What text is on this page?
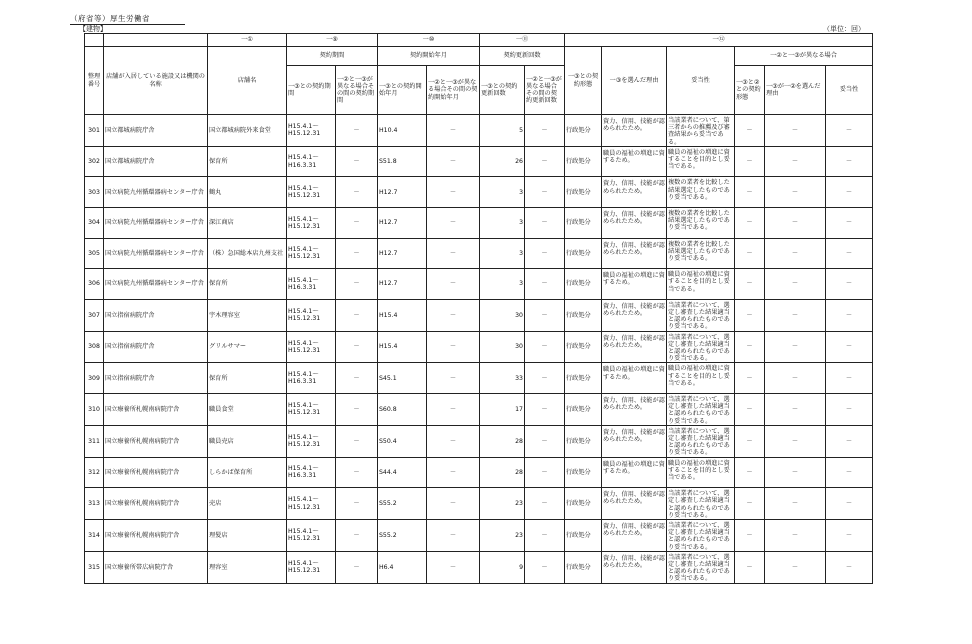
（府省等）厚生労働省
【建物】	（単位：回）
		一①	一⑨		一⑩		一⑪		一⑫					
整理番号	店舗が入居している施設又は機関の名称	店舗名	契約期間		契約開始年月		契約更新回数		一③との契約形態	一③を選んだ理由	妥当性	一②と一③が異なる場合		
			一③との契約期間	一②と一③が異なる場合その間の契約期間	一③との契約開始年月	一②と一③が異なる場合その間の契約開始年月	一③との契約更新回数	一②と一③が異なる場合その間の契約更新回数				一③と②との契約形態	一③が一②を選んだ理由	妥当性
301	国立都城病院庁舎	国立都城病院外来食堂	H15.4.1～ H15.12.31	－	H10.4	－	5	－	行政処分	資力、信用、技能が認められたため。	当該業者について、第三者からの推薦及び審査結果から妥当である。	－	－	－
302	国立都城病院庁舎	保育所	H15.4.1～ H16.3.31	－	S51.8	－	26	－	行政処分	職員の福祉の増進に資するため。	職員の福祉の増進に資することを目的とし妥当である。	－	－	－
303	国立病院九州循環器病センター庁舎	鶴丸	H15.4.1～ H15.12.31	－	H12.7	－	3	－	行政処分	資力、信用、技能が認められたため。	複数の業者を比較した結果選定したものであり妥当である。	－	－	－
304	国立病院九州循環器病センター庁舎	深江商店	H15.4.1～ H15.12.31	－	H12.7	－	3	－	行政処分	資力、信用、技能が認められたため。	複数の業者を比較した結果選定したものであり妥当である。	－	－	－
305	国立病院九州循環器病センター庁舎	（株）急国総本店九州支社	H15.4.1～ H15.12.31	－	H12.7	－	3	－	行政処分	資力、信用、技能が認められたため。	複数の業者を比較した結果選定したものであり妥当である。	－	－	－
306	国立病院九州循環器病センター庁舎	保育所	H15.4.1～ H16.3.31	－	H12.7	－	3	－	行政処分	職員の福祉の増進に資するため。	職員の福祉の増進に資することを目的とし妥当である。	－	－	－
307	国立指宿病院庁舎	宇木理容室	H15.4.1～ H15.12.31	－	H15.4	－	30	－	行政処分	資力、信用、技能が認められたため。	当該業者について、選定し審査した結果適当と認められたものであり妥当である。	－	－	－
308	国立指宿病院庁舎	グリルサマー	H15.4.1～ H15.12.31	－	H15.4	－	30	－	行政処分	資力、信用、技能が認められたため。	当該業者について、選定し審査した結果適当と認められたものであり妥当である。	－	－	－
309	国立指宿病院庁舎	保育所	H15.4.1～ H16.3.31	－	S45.1	－	33	－	行政処分	職員の福祉の増進に資するため。	職員の福祉の増進に資することを目的とし妥当である。	－	－	－
310	国立療養所札幌南病院庁舎	職員食堂	H15.4.1～ H15.12.31	－	S60.8	－	17	－	行政処分	資力、信用、技能が認められたため。	当該業者について、選定し審査した結果適当と認められたものであり妥当である。	－	－	－
311	国立療養所札幌南病院庁舎	職員売店	H15.4.1～ H15.12.31	－	S50.4	－	28	－	行政処分	資力、信用、技能が認められたため。	当該業者について、選定し審査した結果適当と認められたものであり妥当である。	－	－	－
312	国立療養所札幌南病院庁舎	しらかば保育所	H15.4.1～ H16.3.31	－	S44.4	－	28	－	行政処分	職員の福祉の増進に資するため。	職員の福祉の増進に資することを目的とし妥当である。	－	－	－
313	国立療養所札幌南病院庁舎	売店	H15.4.1～ H15.12.31	－	S55.2	－	23	－	行政処分	資力、信用、技能が認められたため。	当該業者について、選定し審査した結果適当と認められたものであり妥当である。	－	－	－
314	国立療養所札幌南病院庁舎	理髪店	H15.4.1～ H15.12.31	－	S55.2	－	23	－	行政処分	資力、信用、技能が認められたため。	当該業者について、選定し審査した結果適当と認められたものであり妥当である。	－	－	－
315	国立療養所帯広病院庁舎	理容室	H15.4.1～ H15.12.31	－	H6.4	－	9	－	行政処分	資力、信用、技能が認められたため。	当該業者について、選定し審査した結果適当と認められたものであり妥当である。	－	－	－
